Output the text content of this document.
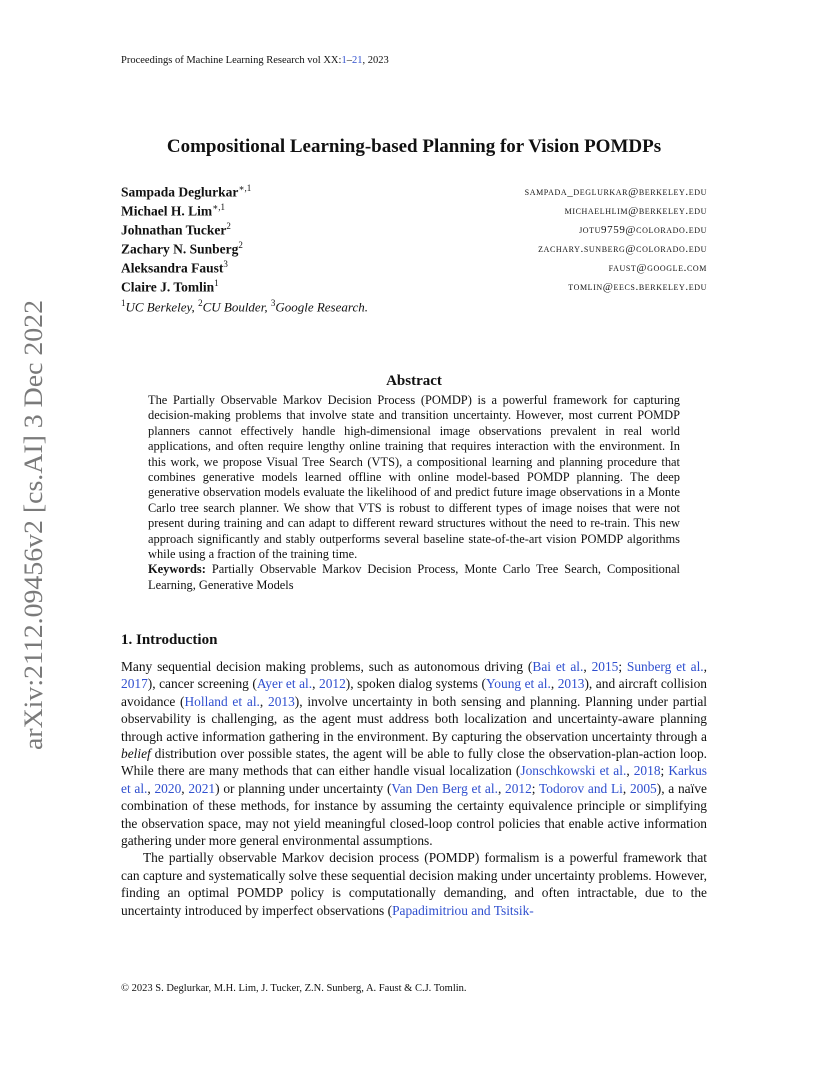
Proceedings of Machine Learning Research vol XX:1–21, 2023
arXiv:2112.09456v2 [cs.AI] 3 Dec 2022
Compositional Learning-based Planning for Vision POMDPs
Sampada Deglurkar$^{∗,1}$	sampada_deglurkar@berkeley.edu
Michael H. Lim$^{∗,1}$	michaelhlim@berkeley.edu
Johnathan Tucker$^2$	jotu9759@colorado.edu
Zachary N. Sunberg$^2$	zachary.sunberg@colorado.edu
Aleksandra Faust$^3$	faust@google.com
Claire J. Tomlin$^1$	tomlin@eecs.berkeley.edu
$^1$UC Berkeley, $^2$CU Boulder, $^3$Google Research.
Abstract

The Partially Observable Markov Decision Process (POMDP) is a powerful framework for capturing decision-making problems that involve state and transition uncertainty. However, most current POMDP planners cannot effectively handle high-dimensional image observations prevalent in real world applications, and often require lengthy online training that requires interaction with the environment. In this work, we propose Visual Tree Search (VTS), a compositional learning and planning procedure that combines generative models learned offline with online model-based POMDP planning. The deep generative observation models evaluate the likelihood of and predict future image observations in a Monte Carlo tree search planner. We show that VTS is robust to different types of image noises that were not present during training and can adapt to different reward structures without the need to re-train. This new approach significantly and stably outperforms several baseline state-of-the-art vision POMDP algorithms while using a fraction of the training time.

Keywords: Partially Observable Markov Decision Process, Monte Carlo Tree Search, Compositional Learning, Generative Models

1. Introduction

Many sequential decision making problems, such as autonomous driving (Bai et al., 2015; Sunberg et al., 2017), cancer screening (Ayer et al., 2012), spoken dialog systems (Young et al., 2013), and aircraft collision avoidance (Holland et al., 2013), involve uncertainty in both sensing and planning. Planning under partial observability is challenging, as the agent must address both localization and uncertainty-aware planning through active information gathering in the environment. By capturing the observation uncertainty through a belief distribution over possible states, the agent will be able to fully close the observation-plan-action loop. While there are many methods that can either handle visual localization (Jonschkowski et al., 2018; Karkus et al., 2020, 2021) or planning under uncertainty (Van Den Berg et al., 2012; Todorov and Li, 2005), a naïve combination of these methods, for instance by assuming the certainty equivalence principle or simplifying the observation space, may not yield meaningful closed-loop control policies that enable active information gathering under more general environmental assumptions.

The partially observable Markov decision process (POMDP) formalism is a powerful framework that can capture and systematically solve these sequential decision making under uncertainty problems. However, finding an optimal POMDP policy is computationally demanding, and often intractable, due to the uncertainty introduced by imperfect observations (Papadimitriou and Tsitsik-

© 2023 S. Deglurkar, M.H. Lim, J. Tucker, Z.N. Sunberg, A. Faust & C.J. Tomlin.
